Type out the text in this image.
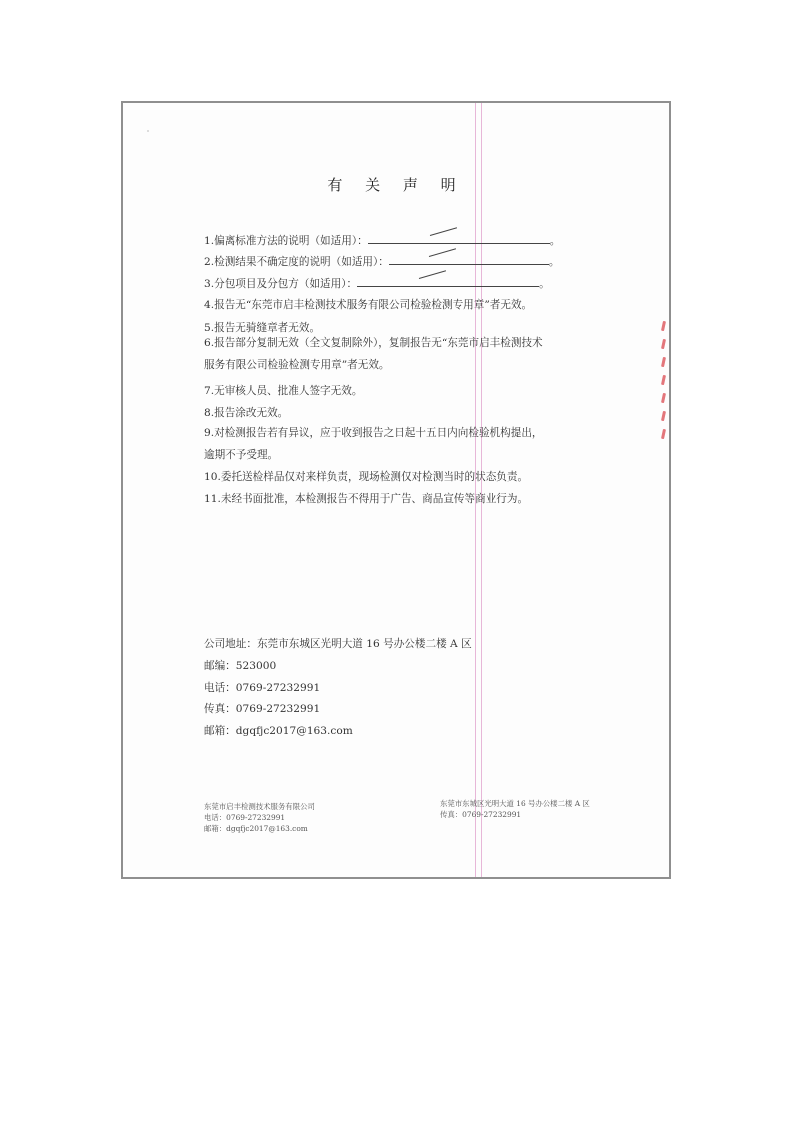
有 关 声 明
1.偏离标准方法的说明（如适用）：	。
2.检测结果不确定度的说明（如适用）：	。
3.分包项目及分包方（如适用）：	。
4.报告无“东莞市启丰检测技术服务有限公司检验检测专用章”者无效。
5.报告无骑缝章者无效。
6.报告部分复制无效（全文复制除外），复制报告无“东莞市启丰检测技术服务有限公司检验检测专用章”者无效。
7.无审核人员、批准人签字无效。
8.报告涂改无效。
9.对检测报告若有异议，应于收到报告之日起十五日内向检验机构提出，逾期不予受理。
10.委托送检样品仅对来样负责，现场检测仅对检测当时的状态负责。
11.未经书面批准，本检测报告不得用于广告、商品宣传等商业行为。
公司地址：东莞市东城区光明大道 16 号办公楼二楼 A 区
邮编：523000
电话：0769-27232991
传真：0769-27232991
邮箱：dgqfjc2017@163.com
东莞市启丰检测技术服务有限公司
电话：0769-27232991
邮箱：dgqfjc2017@163.com
东莞市东城区光明大道 16 号办公楼二楼 A 区
传真：0769-27232991
